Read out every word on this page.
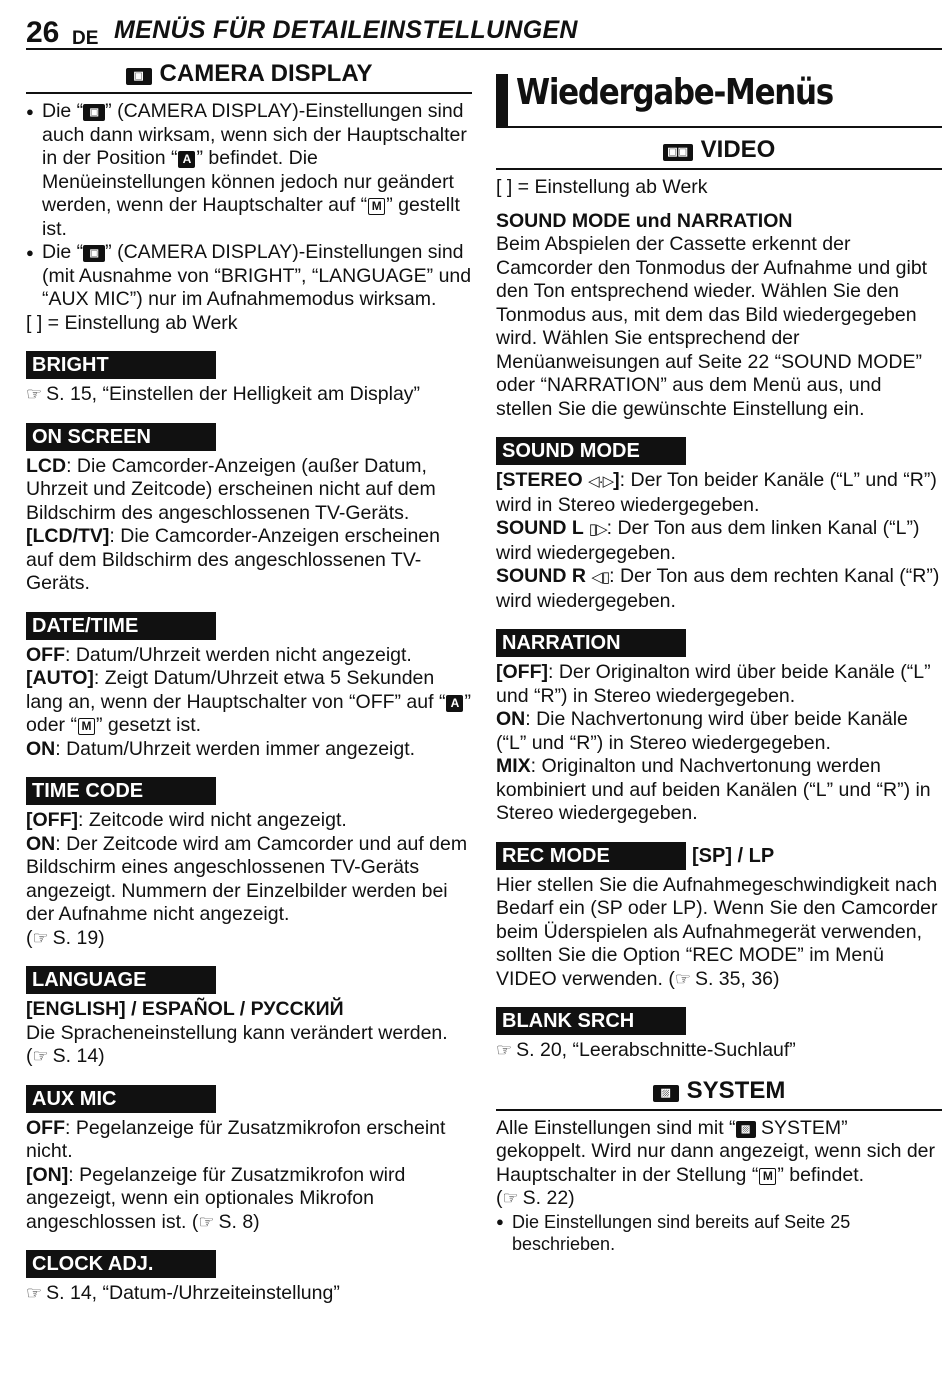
26 DE MENÜS FÜR DETAILEINSTELLUNGEN
▣ CAMERA DISPLAY
● Die “ ▣ ” (CAMERA DISPLAY)-Einstellungen sind auch dann wirksam, wenn sich der Hauptschalter in der Position “ A ” befindet. Die Menüeinstellungen können jedoch nur geändert werden, wenn der Hauptschalter auf “ M ” gestellt ist.
● Die “ ▣ ” (CAMERA DISPLAY)-Einstellungen sind (mit Ausnahme von “BRIGHT”, “LANGUAGE” und “AUX MIC”) nur im Aufnahmemodus wirksam.

[ ] = Einstellung ab Werk

BRIGHT

☞ S. 15, “Einstellen der Helligkeit am Display”

ON SCREEN

LCD: Die Camcorder-Anzeigen (außer Datum, Uhrzeit und Zeitcode) erscheinen nicht auf dem Bildschirm des angeschlossenen TV-Geräts.

[LCD/TV]: Die Camcorder-Anzeigen erscheinen auf dem Bildschirm des angeschlossenen TV-Geräts.

DATE/TIME

OFF: Datum/Uhrzeit werden nicht angezeigt.

[AUTO]: Zeigt Datum/Uhrzeit etwa 5 Sekunden lang an, wenn der Hauptschalter von “OFF” auf “ A ” oder “ M ” gesetzt ist.

ON: Datum/Uhrzeit werden immer angezeigt.

TIME CODE

[OFF]: Zeitcode wird nicht angezeigt.

ON: Der Zeitcode wird am Camcorder und auf dem Bildschirm eines angeschlossenen TV-Geräts angezeigt. Nummern der Einzelbilder werden bei der Aufnahme nicht angezeigt.

(☞ S. 19)

LANGUAGE

[ENGLISH] / ESPAÑOL / РУССКИЙ

Die Spracheneinstellung kann verändert werden. (☞ S. 14)

AUX MIC

OFF: Pegelanzeige für Zusatzmikrofon erscheint nicht.

[ON]: Pegelanzeige für Zusatzmikrofon wird angezeigt, wenn ein optionales Mikrofon angeschlossen ist. (☞ S. 8)

CLOCK ADJ.

☞ S. 14, “Datum-/Uhrzeiteinstellung”

Wiedergabe-Menüs
▣▣ VIDEO

[ ] = Einstellung ab Werk

SOUND MODE und NARRATION

Beim Abspielen der Cassette erkennt der Camcorder den Tonmodus der Aufnahme und gibt den Ton entsprechend wieder. Wählen Sie den Tonmodus aus, mit dem das Bild wiedergegeben wird. Wählen Sie entsprechend der Menüanweisungen auf Seite 22 “SOUND MODE” oder “NARRATION” aus dem Menü aus, und stellen Sie die gewünschte Einstellung ein.

SOUND MODE

[STEREO ◁·▷]: Der Ton beider Kanäle (“L” und “R”) wird in Stereo wiedergegeben.

SOUND L ▯▷: Der Ton aus dem linken Kanal (“L”) wird wiedergegeben.

SOUND R ◁▯: Der Ton aus dem rechten Kanal (“R”) wird wiedergegeben.

NARRATION

[OFF]: Der Originalton wird über beide Kanäle (“L” und “R”) in Stereo wiedergegeben.

ON: Die Nachvertonung wird über beide Kanäle (“L” und “R”) in Stereo wiedergegeben.

MIX: Originalton und Nachvertonung werden kombiniert und auf beiden Kanälen (“L” und “R”) in Stereo wiedergegeben.

REC MODE	[SP] / LP

Hier stellen Sie die Aufnahmegeschwindigkeit nach Bedarf ein (SP oder LP). Wenn Sie den Camcorder beim Üderspielen als Aufnahmegerät verwenden, sollten Sie die Option “REC MODE” im Menü VIDEO verwenden. (☞ S. 35, 36)

BLANK SRCH

☞ S. 20, “Leerabschnitte-Suchlauf”

▨ SYSTEM

Alle Einstellungen sind mit “ ▨ SYSTEM” gekoppelt. Wird nur dann angezeigt, wenn sich der Hauptschalter in der Stellung “ M ” befindet.

(☞ S. 22)

● Die Einstellungen sind bereits auf Seite 25 beschrieben.
